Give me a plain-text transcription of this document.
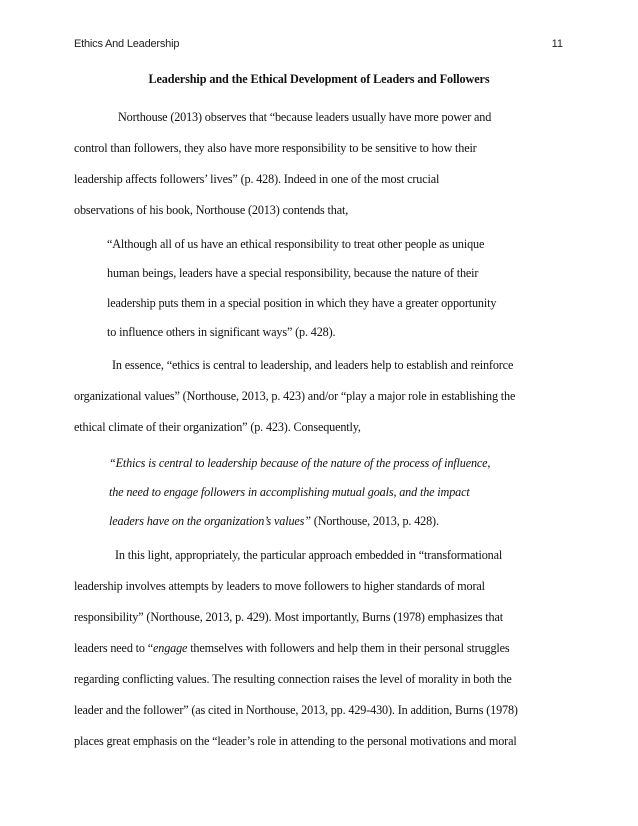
Ethics And Leadership	11
Leadership and the Ethical Development of Leaders and Followers
Northouse (2013) observes that “because leaders usually have more power and
control than followers, they also have more responsibility to be sensitive to how their
leadership affects followers’ lives” (p. 428). Indeed in one of the most crucial
observations of his book, Northouse (2013) contends that,
“Although all of us have an ethical responsibility to treat other people as unique
human beings, leaders have a special responsibility, because the nature of their
leadership puts them in a special position in which they have a greater opportunity
to influence others in significant ways” (p. 428).
In essence, “ethics is central to leadership, and leaders help to establish and reinforce
organizational values” (Northouse, 2013, p. 423) and/or “play a major role in establishing the
ethical climate of their organization” (p. 423). Consequently,
“Ethics is central to leadership because of the nature of the process of influence,
the need to engage followers in accomplishing mutual goals, and the impact
leaders have on the organization’s values” (Northouse, 2013, p. 428).
In this light, appropriately, the particular approach embedded in “transformational
leadership involves attempts by leaders to move followers to higher standards of moral
responsibility” (Northouse, 2013, p. 429). Most importantly, Burns (1978) emphasizes that
leaders need to “engage themselves with followers and help them in their personal struggles
regarding conflicting values. The resulting connection raises the level of morality in both the
leader and the follower” (as cited in Northouse, 2013, pp. 429-430). In addition, Burns (1978)
places great emphasis on the “leader’s role in attending to the personal motivations and moral
